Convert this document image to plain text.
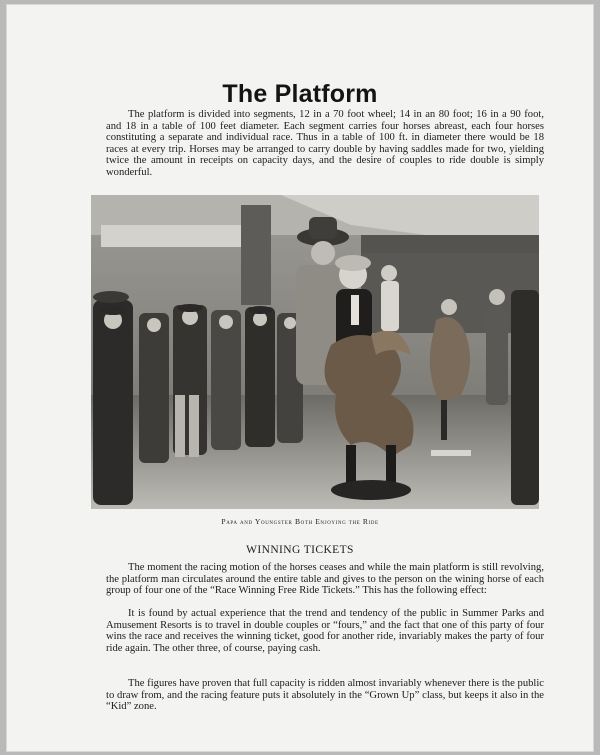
The Platform

The platform is divided into segments, 12 in a 70 foot wheel; 14 in an 80 foot; 16 in a 90 foot, and 18 in a table of 100 feet diameter. Each segment carries four horses abreast, each four horses constituting a separate and individual race. Thus in a table of 100 ft. in diameter there would be 18 races at every trip. Horses may be arranged to carry double by having saddles made for two, yielding twice the amount in receipts on capacity days, and the desire of couples to ride double is simply wonderful.

Papa and Youngster Both Enjoying the Ride
WINNING TICKETS

The moment the racing motion of the horses ceases and while the main platform is still revolving, the platform man circulates around the entire table and gives to the person on the wining horse of each group of four one of the “Race Winning Free Ride Tickets.” This has the following effect:

It is found by actual experience that the trend and tendency of the public in Summer Parks and Amusement Resorts is to travel in double couples or “fours,” and the fact that one of this party of four wins the race and receives the winning ticket, good for another ride, invariably makes the party of four ride again. The other three, of course, paying cash.

The figures have proven that full capacity is ridden almost invariably whenever there is the public to draw from, and the racing feature puts it absolutely in the “Grown Up” class, but keeps it also in the “Kid” zone.
